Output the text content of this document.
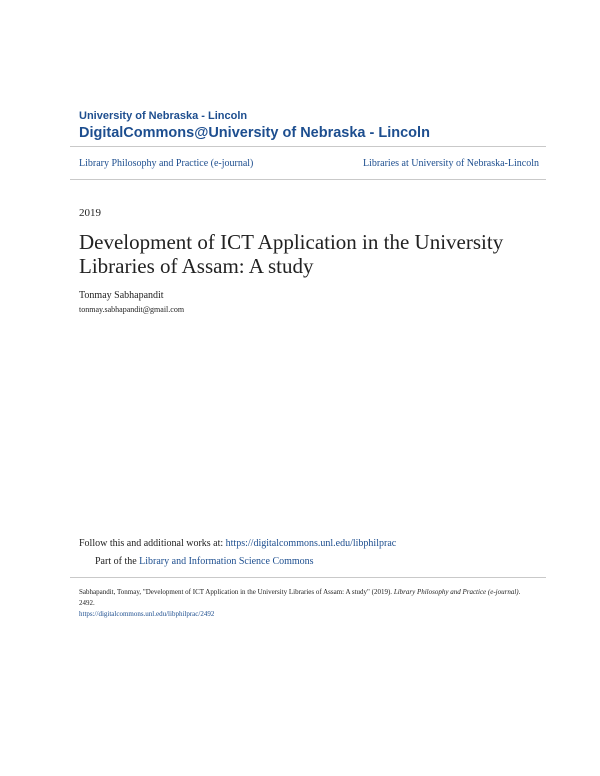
University of Nebraska - Lincoln
DigitalCommons@University of Nebraska - Lincoln
Library Philosophy and Practice (e-journal)	Libraries at University of Nebraska-Lincoln
2019
Development of ICT Application in the University Libraries of Assam: A study
Tonmay Sabhapandit
tonmay.sabhapandit@gmail.com
Follow this and additional works at: https://digitalcommons.unl.edu/libphilprac
Part of the Library and Information Science Commons
Sabhapandit, Tonmay, "Development of ICT Application in the University Libraries of Assam: A study" (2019). Library Philosophy and Practice (e-journal). 2492.
https://digitalcommons.unl.edu/libphilprac/2492
